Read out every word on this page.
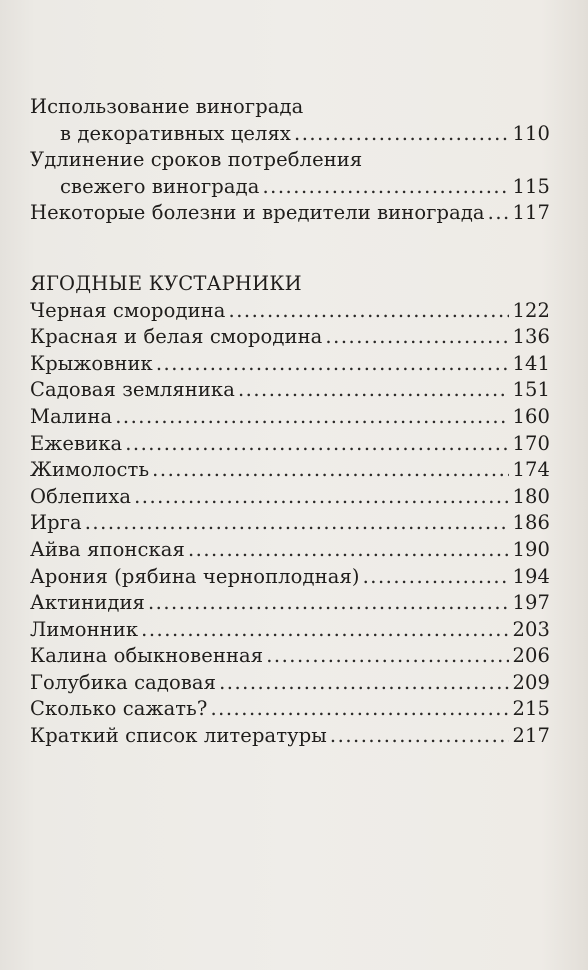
Использование винограда
в декоративных целях .....	110
Удлинение сроков потребления
свежего винограда .....	115
Некоторые болезни и вредители винограда ..... 117
ЯГОДНЫЕ КУСТАРНИКИ
Черная смородина .....	122
Красная и белая смородина .....	136
Крыжовник .....	141
Садовая земляника .....	151
Малина .....	160
Ежевика .....	170
Жимолость .....	174
Облепиха .....	180
Ирга .....	186
Айва японская .....	190
Арония (рябина черноплодная) .....	194
Актинидия .....	197
Лимонник .....	203
Калина обыкновенная .....	206
Голубика садовая .....	209
Сколько сажать? .....	215
Краткий список литературы .....	217
